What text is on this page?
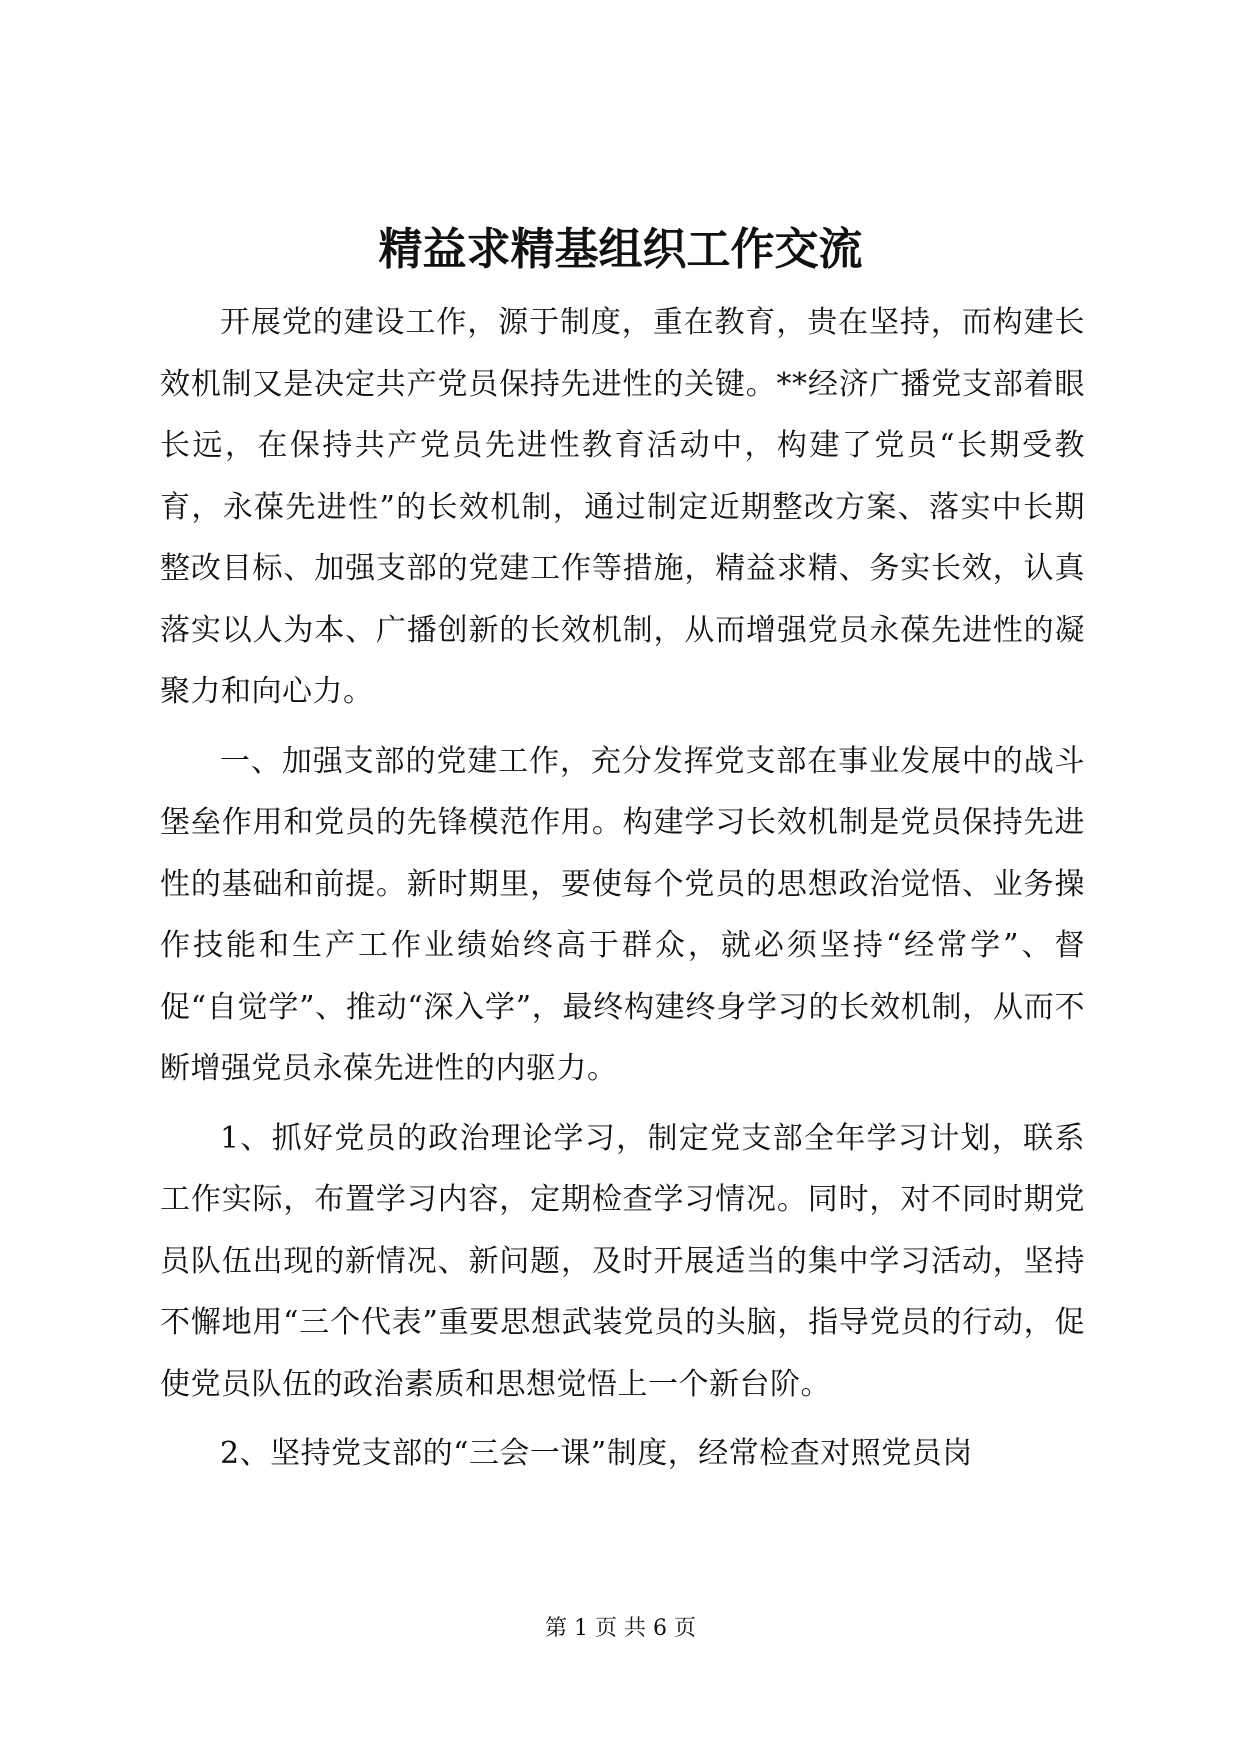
精益求精基组织工作交流

开展党的建设工作，源于制度，重在教育，贵在坚持，而构建长效机制又是决定共产党员保持先进性的关键。**经济广播党支部着眼长远，在保持共产党员先进性教育活动中，构建了党员“长期受教育，永葆先进性”的长效机制，通过制定近期整改方案、落实中长期整改目标、加强支部的党建工作等措施，精益求精、务实长效，认真落实以人为本、广播创新的长效机制，从而增强党员永葆先进性的凝聚力和向心力。

一、加强支部的党建工作，充分发挥党支部在事业发展中的战斗堡垒作用和党员的先锋模范作用。构建学习长效机制是党员保持先进性的基础和前提。新时期里，要使每个党员的思想政治觉悟、业务操作技能和生产工作业绩始终高于群众，就必须坚持“经常学”、督促“自觉学”、推动“深入学”，最终构建终身学习的长效机制，从而不断增强党员永葆先进性的内驱力。

1、抓好党员的政治理论学习，制定党支部全年学习计划，联系工作实际，布置学习内容，定期检查学习情况。同时，对不同时期党员队伍出现的新情况、新问题，及时开展适当的集中学习活动，坚持不懈地用“三个代表”重要思想武装党员的头脑，指导党员的行动，促使党员队伍的政治素质和思想觉悟上一个新台阶。

2、坚持党支部的“三会一课”制度，经常检查对照党员岗

第 1 页 共 6 页
